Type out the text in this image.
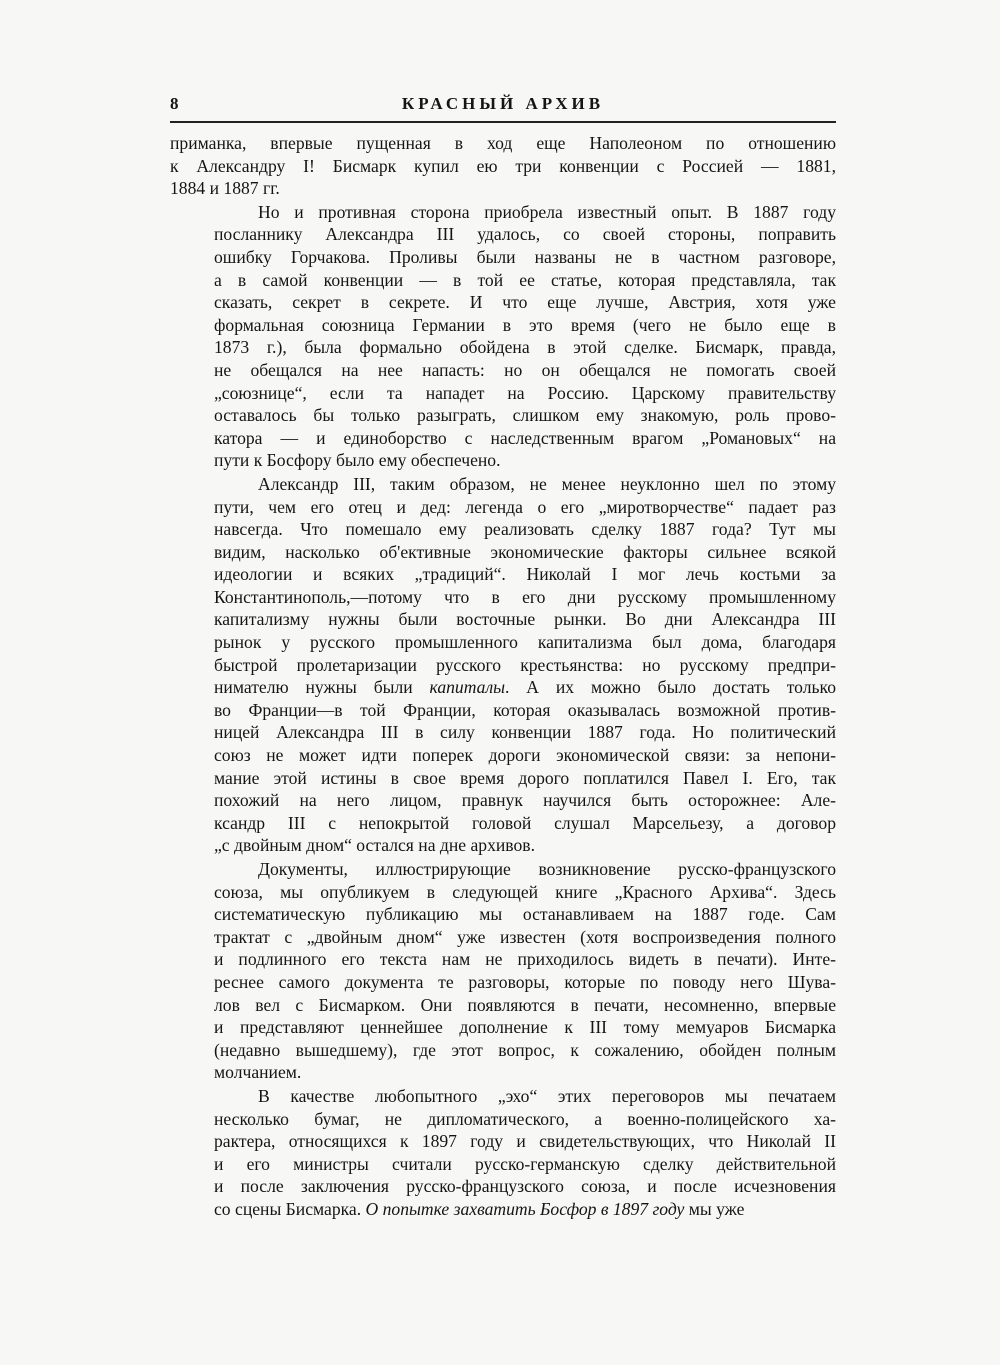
8	КРАСНЫЙ АРХИВ

приманка, впервые пущенная в ход еще Наполеоном по отношению
к Александру I! Бисмарк купил ею три конвенции с Россией — 1881,
1884 и 1887 гг.

Но и противная сторона приобрела известный опыт. В 1887 году
посланнику Александра III удалось, со своей стороны, поправить
ошибку Горчакова. Проливы были названы не в частном разговоре,
а в самой конвенции — в той ее статье, которая представляла, так
сказать, секрет в секрете. И что еще лучше, Австрия, хотя уже
формальная союзница Германии в это время (чего не было еще в
1873 г.), была формально обойдена в этой сделке. Бисмарк, правда,
не обещался на нее напасть: но он обещался не помогать своей
„союзнице“, если та нападет на Россию. Царскому правительству
оставалось бы только разыграть, слишком ему знакомую, роль прово-
катора — и единоборство с наследственным врагом „Романовых“ на
пути к Босфору было ему обеспечено.

Александр III, таким образом, не менее неуклонно шел по этому
пути, чем его отец и дед: легенда о его „миротворчестве“ падает раз
навсегда. Что помешало ему реализовать сделку 1887 года? Тут мы
видим, насколько об'ективные экономические факторы сильнее всякой
идеологии и всяких „традиций“. Николай I мог лечь костьми за
Константинополь,—потому что в его дни русскому промышленному
капитализму нужны были восточные рынки. Во дни Александра III
рынок у русского промышленного капитализма был дома, благодаря
быстрой пролетаризации русского крестьянства: но русскому предпри-
нимателю нужны были капиталы. А их можно было достать только
во Франции—в той Франции, которая оказывалась возможной против-
ницей Александра III в силу конвенции 1887 года. Но политический
союз не может идти поперек дороги экономической связи: за непони-
мание этой истины в свое время дорого поплатился Павел I. Его, так
похожий на него лицом, правнук научился быть осторожнее: Але-
ксандр III с непокрытой головой слушал Марсельезу, а договор
„с двойным дном“ остался на дне архивов.

Документы, иллюстрирующие возникновение русско-французского
союза, мы опубликуем в следующей книге „Красного Архива“. Здесь
систематическую публикацию мы останавливаем на 1887 годе. Сам
трактат с „двойным дном“ уже известен (хотя воспроизведения полного
и подлинного его текста нам не приходилось видеть в печати). Инте-
реснее самого документа те разговоры, которые по поводу него Шува-
лов вел с Бисмарком. Они появляются в печати, несомненно, впервые
и представляют ценнейшее дополнение к III тому мемуаров Бисмарка
(недавно вышедшему), где этот вопрос, к сожалению, обойден полным
молчанием.

В качестве любопытного „эхо“ этих переговоров мы печатаем
несколько бумаг, не дипломатического, а военно-полицейского ха-
рактера, относящихся к 1897 году и свидетельствующих, что Николай II
и его министры считали русско-германскую сделку действительной
и после заключения русско-французского союза, и после исчезновения
со сцены Бисмарка. О попытке захватить Босфор в 1897 году мы уже
